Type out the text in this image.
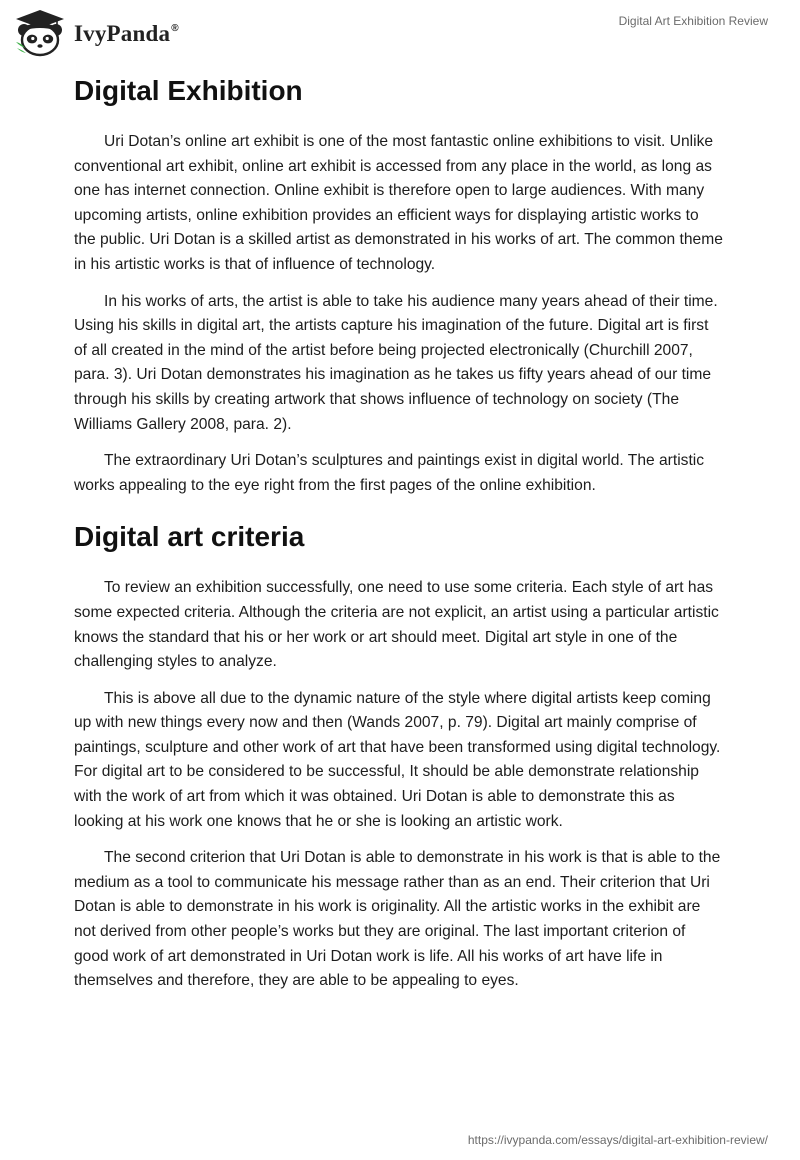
IvyPanda®
Digital Art Exhibition Review
Digital Exhibition

Uri Dotan’s online art exhibit is one of the most fantastic online exhibitions to visit. Unlike conventional art exhibit, online art exhibit is accessed from any place in the world, as long as one has internet connection. Online exhibit is therefore open to large audiences. With many upcoming artists, online exhibition provides an efficient ways for displaying artistic works to the public. Uri Dotan is a skilled artist as demonstrated in his works of art. The common theme in his artistic works is that of influence of technology.

In his works of arts, the artist is able to take his audience many years ahead of their time. Using his skills in digital art, the artists capture his imagination of the future. Digital art is first of all created in the mind of the artist before being projected electronically (Churchill 2007, para. 3). Uri Dotan demonstrates his imagination as he takes us fifty years ahead of our time through his skills by creating artwork that shows influence of technology on society (The Williams Gallery 2008, para. 2).

The extraordinary Uri Dotan’s sculptures and paintings exist in digital world. The artistic works appealing to the eye right from the first pages of the online exhibition.

Digital art criteria

To review an exhibition successfully, one need to use some criteria. Each style of art has some expected criteria. Although the criteria are not explicit, an artist using a particular artistic knows the standard that his or her work or art should meet. Digital art style in one of the challenging styles to analyze.

This is above all due to the dynamic nature of the style where digital artists keep coming up with new things every now and then (Wands 2007, p. 79). Digital art mainly comprise of paintings, sculpture and other work of art that have been transformed using digital technology. For digital art to be considered to be successful, It should be able demonstrate relationship with the work of art from which it was obtained. Uri Dotan is able to demonstrate this as looking at his work one knows that he or she is looking an artistic work.

The second criterion that Uri Dotan is able to demonstrate in his work is that is able to the medium as a tool to communicate his message rather than as an end. Their criterion that Uri Dotan is able to demonstrate in his work is originality. All the artistic works in the exhibit are not derived from other people’s works but they are original. The last important criterion of good work of art demonstrated in Uri Dotan work is life. All his works of art have life in themselves and therefore, they are able to be appealing to eyes.

https://ivypanda.com/essays/digital-art-exhibition-review/
